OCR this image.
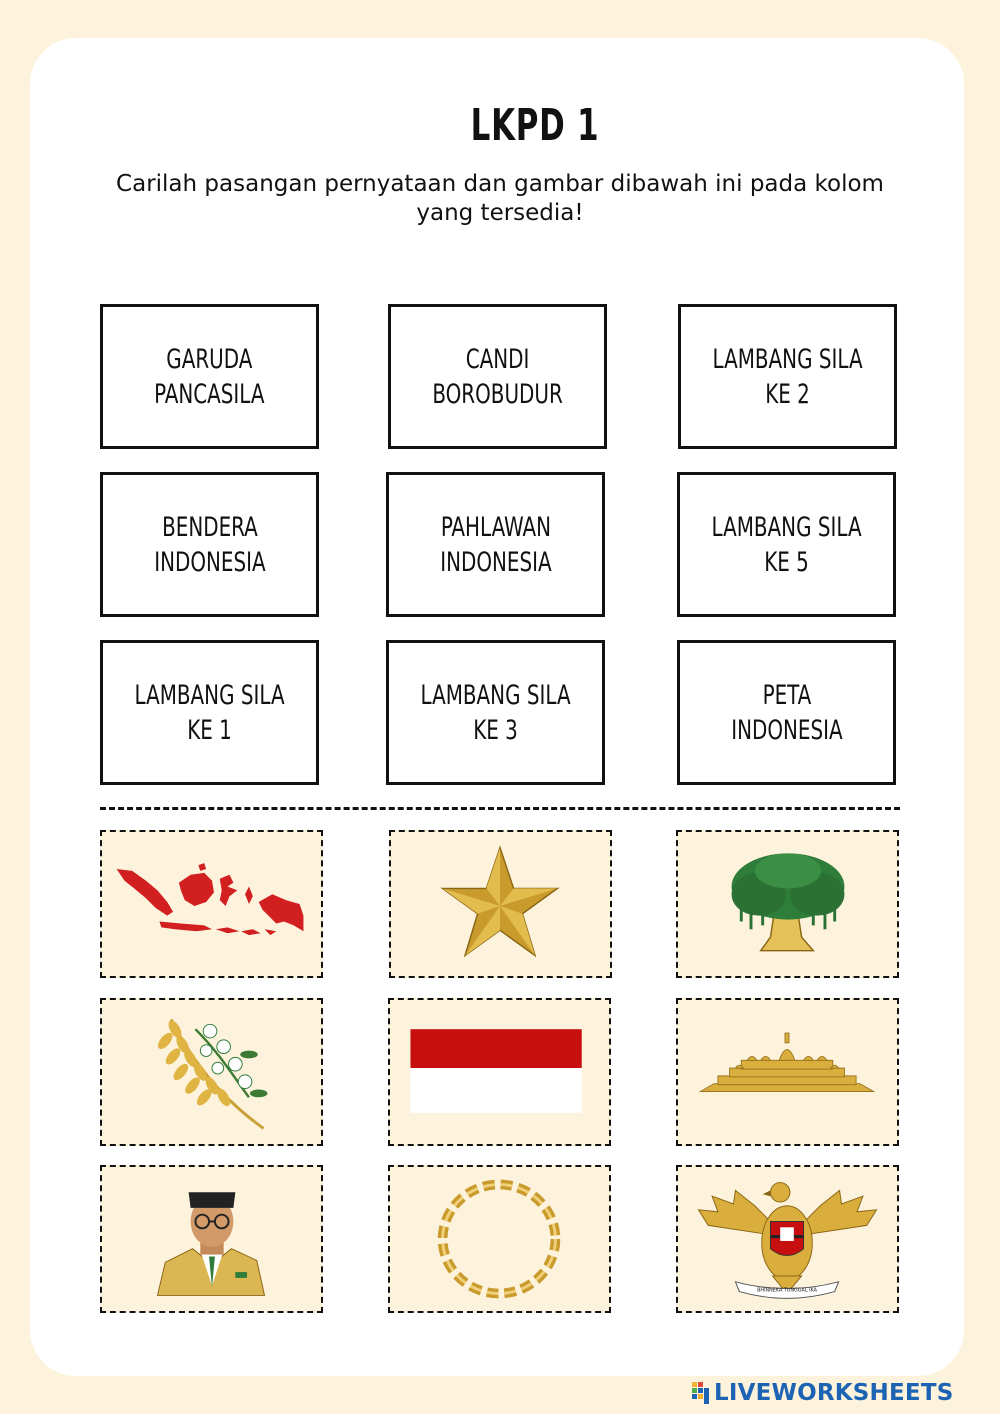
LKPD 1
Carilah pasangan pernyataan dan gambar dibawah ini pada kolom yang tersedia!
GARUDA
PANCASILA
CANDI
BOROBUDUR
LAMBANG SILA
KE 2
BENDERA
INDONESIA
PAHLAWAN
INDONESIA
LAMBANG SILA
KE 5
LAMBANG SILA
KE 1
LAMBANG SILA
KE 3
PETA
INDONESIA
BHINNEKA TUNGGAL IKA
LIVEWORKSHEETS
